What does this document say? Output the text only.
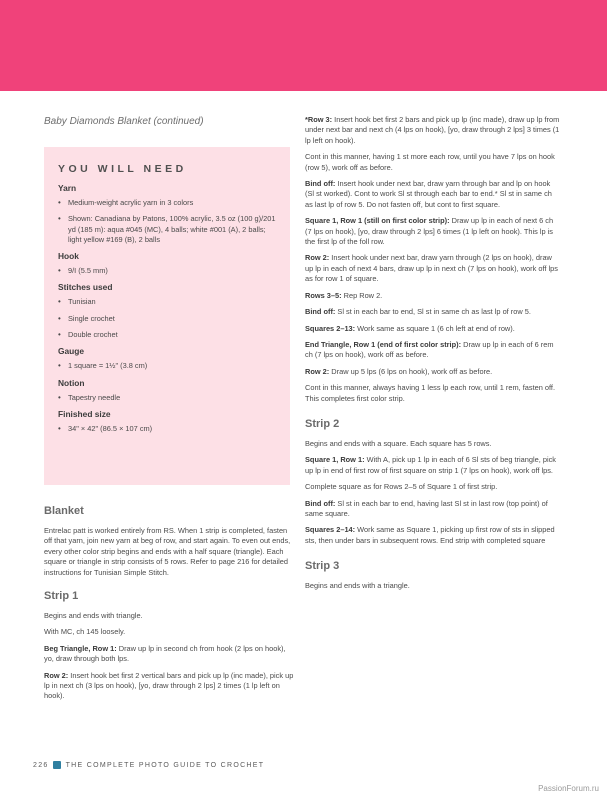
Baby Diamonds Blanket (continued)
YOU WILL NEED
Yarn
• Medium-weight acrylic yarn in 3 colors
• Shown: Canadiana by Patons, 100% acrylic, 3.5 oz (100 g)/201 yd (185 m): aqua #045 (MC), 4 balls; white #001 (A), 2 balls; light yellow #169 (B), 2 balls
Hook
• 9/I (5.5 mm)
Stitches used
• Tunisian
• Single crochet
• Double crochet
Gauge
• 1 square = 1½" (3.8 cm)
Notion
• Tapestry needle
Finished size
• 34" × 42" (86.5 × 107 cm)
Blanket

Entrelac patt is worked entirely from RS. When 1 strip is completed, fasten off that yarn, join new yarn at beg of row, and start again. To even out ends, every other color strip begins and ends with a half square (triangle). Each square or triangle in strip consists of 5 rows. Refer to page 216 for detailed instructions for Tunisian Simple Stitch.

Strip 1

Begins and ends with triangle.

With MC, ch 145 loosely.

Beg Triangle, Row 1: Draw up lp in second ch from hook (2 lps on hook), yo, draw through both lps.

Row 2: Insert hook bet first 2 vertical bars and pick up lp (inc made), pick up lp in next ch (3 lps on hook), [yo, draw through 2 lps] 2 times (1 lp left on hook).

*Row 3: Insert hook bet first 2 bars and pick up lp (inc made), draw up lp from under next bar and next ch (4 lps on hook), [yo, draw through 2 lps] 3 times (1 lp left on hook).

Cont in this manner, having 1 st more each row, until you have 7 lps on hook (row 5), work off as before.

Bind off: Insert hook under next bar, draw yarn through bar and lp on hook (Sl st worked). Cont to work Sl st through each bar to end.* Sl st in same ch as last lp of row 5. Do not fasten off, but cont to first square.

Square 1, Row 1 (still on first color strip): Draw up lp in each of next 6 ch (7 lps on hook), [yo, draw through 2 lps] 6 times (1 lp left on hook). This lp is the first lp of the foll row.

Row 2: Insert hook under next bar, draw yarn through (2 lps on hook), draw up lp in each of next 4 bars, draw up lp in next ch (7 lps on hook), work off lps as for row 1 of square.

Rows 3–5: Rep Row 2.

Bind off: Sl st in each bar to end, Sl st in same ch as last lp of row 5.

Squares 2–13: Work same as square 1 (6 ch left at end of row).

End Triangle, Row 1 (end of first color strip): Draw up lp in each of 6 rem ch (7 lps on hook), work off as before.

Row 2: Draw up 5 lps (6 lps on hook), work off as before.

Cont in this manner, always having 1 less lp each row, until 1 rem, fasten off. This completes first color strip.

Strip 2

Begins and ends with a square. Each square has 5 rows.

Square 1, Row 1: With A, pick up 1 lp in each of 6 Sl sts of beg triangle, pick up lp in end of first row of first square on strip 1 (7 lps on hook), work off lps.

Complete square as for Rows 2–5 of Square 1 of first strip.

Bind off: Sl st in each bar to end, having last Sl st in last row (top point) of same square.

Squares 2–14: Work same as Square 1, picking up first row of sts in slipped sts, then under bars in subsequent rows. End strip with completed square

Strip 3

Begins and ends with a triangle.

226 THE COMPLETE PHOTO GUIDE TO CROCHET
PassionForum.ru
